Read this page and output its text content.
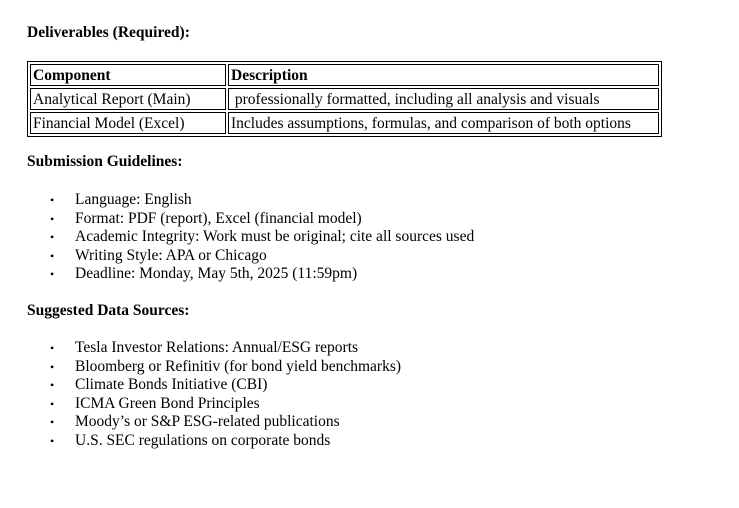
Deliverables (Required):
Component	Description
Analytical Report (Main)	professionally formatted, including all analysis and visuals
Financial Model (Excel)	Includes assumptions, formulas, and comparison of both options
Submission Guidelines:
• Language: English
• Format: PDF (report), Excel (financial model)
• Academic Integrity: Work must be original; cite all sources used
• Writing Style: APA or Chicago
• Deadline: Monday, May 5th, 2025 (11:59pm)
Suggested Data Sources:
• Tesla Investor Relations: Annual/ESG reports
• Bloomberg or Refinitiv (for bond yield benchmarks)
• Climate Bonds Initiative (CBI)
• ICMA Green Bond Principles
• Moody’s or S&P ESG-related publications
• U.S. SEC regulations on corporate bonds
